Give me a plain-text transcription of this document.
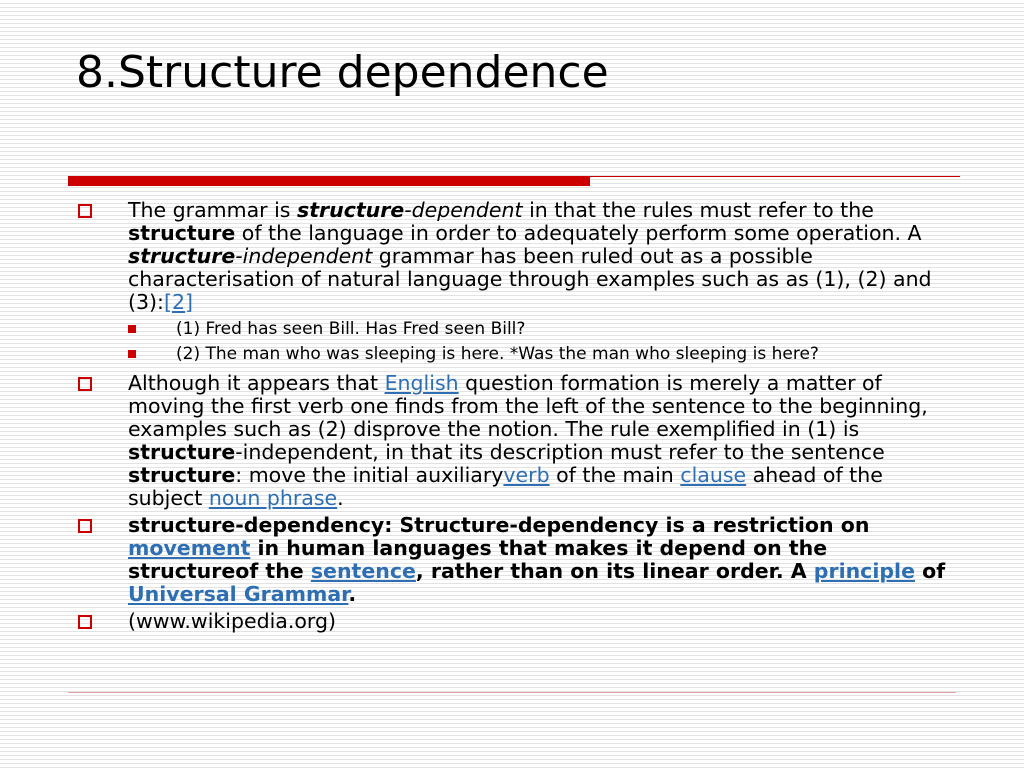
8.Structure dependence
The grammar is structure-dependent in that the rules must refer to the structure of the language in order to adequately perform some operation. A structure-independent grammar has been ruled out as a possible characterisation of natural language through examples such as as (1), (2) and (3):[2]
(1) Fred has seen Bill. Has Fred seen Bill?
(2) The man who was sleeping is here. *Was the man who sleeping is here?
Although it appears that English question formation is merely a matter of moving the first verb one finds from the left of the sentence to the beginning, examples such as (2) disprove the notion. The rule exemplified in (1) is structure-independent, in that its description must refer to the sentence structure: move the initial auxiliaryverb of the main clause ahead of the subject noun phrase.
structure-dependency: Structure-dependency is a restriction on movement in human languages that makes it depend on the structureof the sentence, rather than on its linear order. A principle of Universal Grammar.
(www.wikipedia.org)
